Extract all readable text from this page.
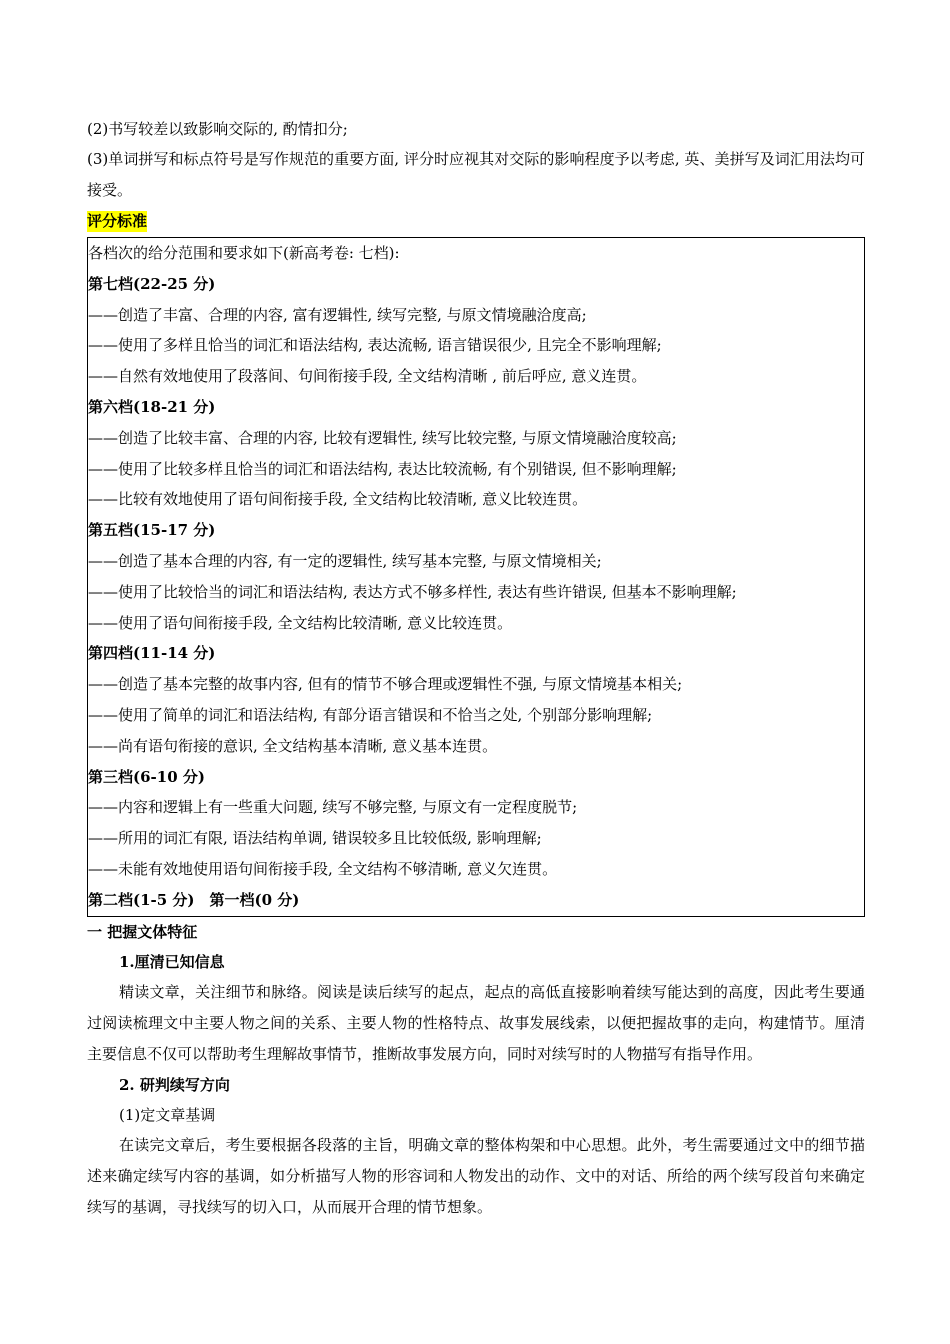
(2)书写较差以致影响交际的, 酌情扣分;
(3)单词拼写和标点符号是写作规范的重要方面, 评分时应视其对交际的影响程度予以考虑, 英、美拼写及词汇用法均可接受。
评分标准
各档次的给分范围和要求如下(新高考卷: 七档):
第七档(22-25 分)
——创造了丰富、合理的内容, 富有逻辑性, 续写完整, 与原文情境融洽度高;
——使用了多样且恰当的词汇和语法结构, 表达流畅, 语言错误很少, 且完全不影响理解;
——自然有效地使用了段落间、句间衔接手段, 全文结构清晰 , 前后呼应, 意义连贯。
第六档(18-21 分)
——创造了比较丰富、合理的内容, 比较有逻辑性, 续写比较完整, 与原文情境融洽度较高;
——使用了比较多样且恰当的词汇和语法结构, 表达比较流畅, 有个别错误, 但不影响理解;
——比较有效地使用了语句间衔接手段, 全文结构比较清晰, 意义比较连贯。
第五档(15-17 分)
——创造了基本合理的内容, 有一定的逻辑性, 续写基本完整, 与原文情境相关;
——使用了比较恰当的词汇和语法结构, 表达方式不够多样性, 表达有些许错误, 但基本不影响理解;
——使用了语句间衔接手段, 全文结构比较清晰, 意义比较连贯。
第四档(11-14 分)
——创造了基本完整的故事内容, 但有的情节不够合理或逻辑性不强, 与原文情境基本相关;
——使用了简单的词汇和语法结构, 有部分语言错误和不恰当之处, 个别部分影响理解;
——尚有语句衔接的意识, 全文结构基本清晰, 意义基本连贯。
第三档(6-10 分)
——内容和逻辑上有一些重大问题, 续写不够完整, 与原文有一定程度脱节;
——所用的词汇有限, 语法结构单调, 错误较多且比较低级, 影响理解;
——未能有效地使用语句间衔接手段, 全文结构不够清晰, 意义欠连贯。
第二档(1-5 分)　第一档(0 分)
一 把握文体特征
1.厘清已知信息
精读文章，关注细节和脉络。阅读是读后续写的起点，起点的高低直接影响着续写能达到的高度，因此考生要通过阅读梳理文中主要人物之间的关系、主要人物的性格特点、故事发展线索，以便把握故事的走向，构建情节。厘清主要信息不仅可以帮助考生理解故事情节，推断故事发展方向，同时对续写时的人物描写有指导作用。
2. 研判续写方向
(1)定文章基调
在读完文章后，考生要根据各段落的主旨，明确文章的整体构架和中心思想。此外，考生需要通过文中的细节描述来确定续写内容的基调，如分析描写人物的形容词和人物发出的动作、文中的对话、所给的两个续写段首句来确定续写的基调，寻找续写的切入口，从而展开合理的情节想象。
